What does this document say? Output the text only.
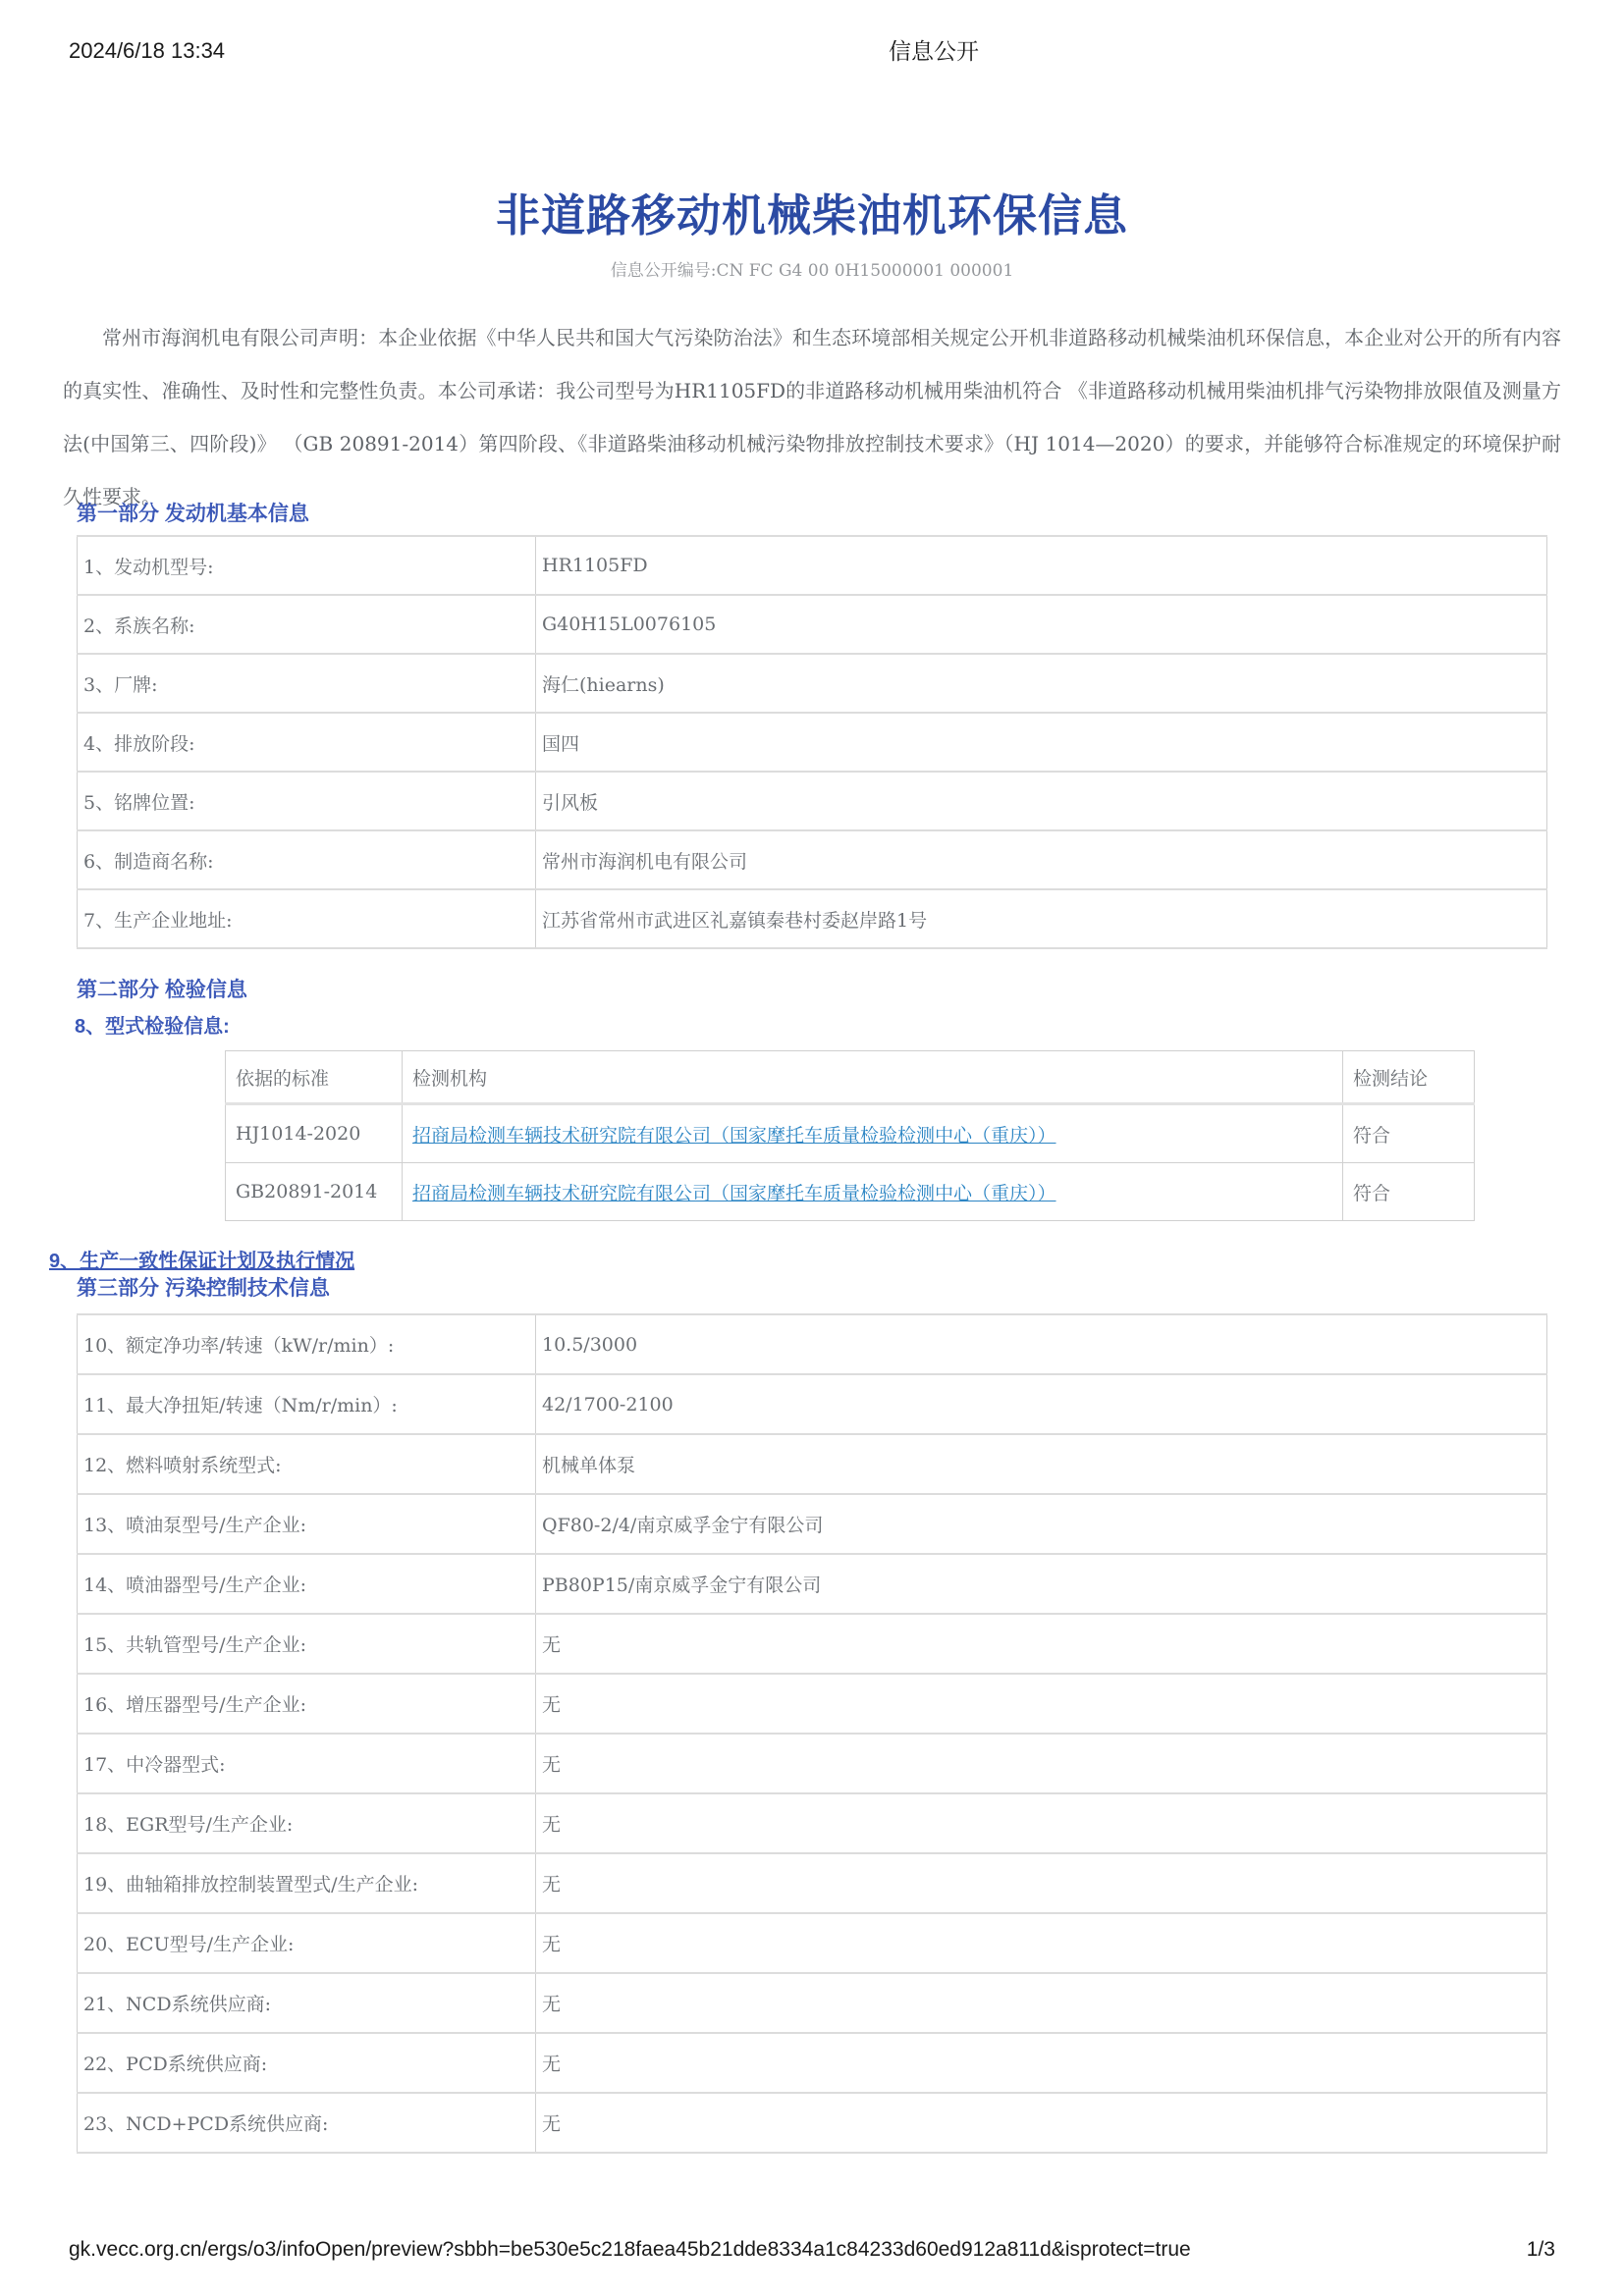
2024/6/18 13:34	信息公开
非道路移动机械柴油机环保信息
信息公开编号:CN FC G4 00 0H15000001 000001

常州市海润机电有限公司声明：本企业依据《中华人民共和国大气污染防治法》和生态环境部相关规定公开机非道路移动机械柴油机环保信息，本企业对公开的所有内容的真实性、准确性、及时性和完整性负责。本公司承诺：我公司型号为HR1105FD的非道路移动机械用柴油机符合 《非道路移动机械用柴油机排气污染物排放限值及测量方法(中国第三、四阶段)》 （GB 20891-2014）第四阶段、《非道路柴油移动机械污染物排放控制技术要求》（HJ 1014—2020）的要求，并能够符合标准规定的环境保护耐久性要求。

第一部分 发动机基本信息
1、发动机型号:	HR1105FD
2、系族名称:	G40H15L0076105
3、厂牌:	海仁(hiearns)
4、排放阶段:	国四
5、铭牌位置:	引风板
6、制造商名称:	常州市海润机电有限公司
7、生产企业地址:	江苏省常州市武进区礼嘉镇秦巷村委赵岸路1号
第二部分 检验信息
8、型式检验信息:
依据的标准	检测机构	检测结论
HJ1014-2020	招商局检测车辆技术研究院有限公司（国家摩托车质量检验检测中心（重庆））	符合
GB20891-2014	招商局检测车辆技术研究院有限公司（国家摩托车质量检验检测中心（重庆））	符合
9、生产一致性保证计划及执行情况
第三部分 污染控制技术信息
10、额定净功率/转速（kW/r/min）:	10.5/3000
11、最大净扭矩/转速（Nm/r/min）:	42/1700-2100
12、燃料喷射系统型式:	机械单体泵
13、喷油泵型号/生产企业:	QF80-2/4/南京威孚金宁有限公司
14、喷油器型号/生产企业:	PB80P15/南京威孚金宁有限公司
15、共轨管型号/生产企业:	无
16、增压器型号/生产企业:	无
17、中冷器型式:	无
18、EGR型号/生产企业:	无
19、曲轴箱排放控制装置型式/生产企业:	无
20、ECU型号/生产企业:	无
21、NCD系统供应商:	无
22、PCD系统供应商:	无
23、NCD+PCD系统供应商:	无
gk.vecc.org.cn/ergs/o3/infoOpen/preview?sbbh=be530e5c218faea45b21dde8334a1c84233d60ed912a811d&isprotect=true	1/3
